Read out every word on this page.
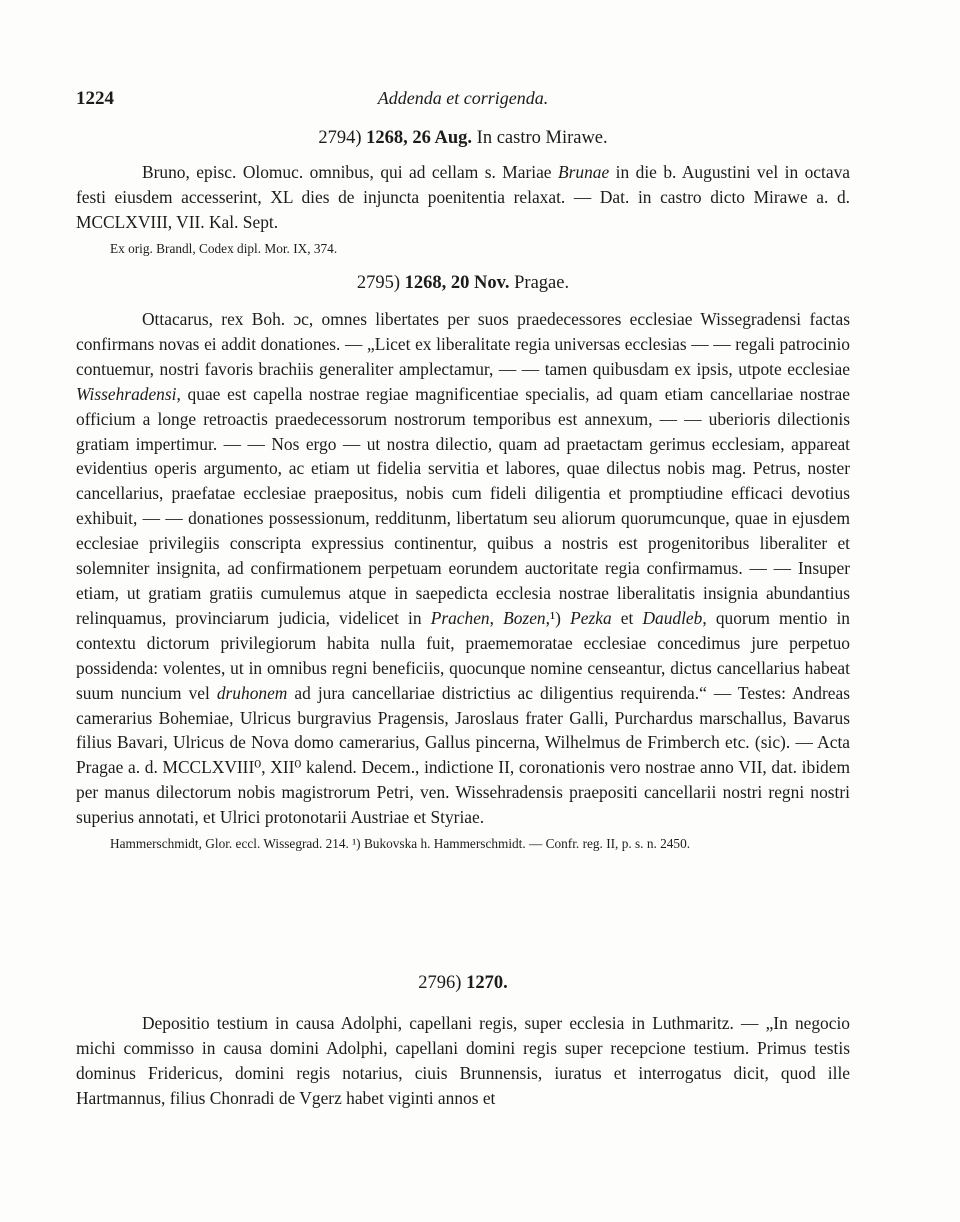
1224	Addenda et corrigenda.

2794) 1268, 26 Aug. In castro Mirawe.

Bruno, episc. Olomuc. omnibus, qui ad cellam s. Mariae Brunae in die b. Augustini vel in octava festi eiusdem accesserint, XL dies de injuncta poenitentia relaxat. — Dat. in castro dicto Mirawe a. d. MCCLXVIII, VII. Kal. Sept.

Ex orig. Brandl, Codex dipl. Mor. IX, 374.

2795) 1268, 20 Nov. Pragae.

Ottacarus, rex Boh. ɔc, omnes libertates per suos praedecessores ecclesiae Wissegradensi factas confirmans novas ei addit donationes. — „Licet ex liberalitate regia universas ecclesias — — regali patrocinio contuemur, nostri favoris brachiis generaliter amplectamur, — — tamen quibusdam ex ipsis, utpote ecclesiae Wissehradensi, quae est capella nostrae regiae magnificentiae specialis, ad quam etiam cancellariae nostrae officium a longe retroactis praedecessorum nostrorum temporibus est annexum, — — uberioris dilectionis gratiam impertimur. — — Nos ergo — ut nostra dilectio, quam ad praetactam gerimus ecclesiam, appareat evidentius operis argumento, ac etiam ut fidelia servitia et labores, quae dilectus nobis mag. Petrus, noster cancellarius, praefatae ecclesiae praepositus, nobis cum fideli diligentia et promptiudine efficaci devotius exhibuit, — — donationes possessionum, redditunm, libertatum seu aliorum quorumcunque, quae in ejusdem ecclesiae privilegiis conscripta expressius continentur, quibus a nostris est progenitoribus liberaliter et solemniter insignita, ad confirmationem perpetuam eorundem auctoritate regia confirmamus. — — Insuper etiam, ut gratiam gratiis cumulemus atque in saepedicta ecclesia nostrae liberalitatis insignia abundantius relinquamus, provinciarum judicia, videlicet in Prachen, Bozen,¹) Pezka et Daudleb, quorum mentio in contextu dictorum privilegiorum habita nulla fuit, praememoratae ecclesiae concedimus jure perpetuo possidenda: volentes, ut in omnibus regni beneficiis, quocunque nomine censeantur, dictus cancellarius habeat suum nuncium vel druhonem ad jura cancellariae districtius ac diligentius requirenda.“ — Testes: Andreas camerarius Bohemiae, Ulricus burgravius Pragensis, Jaroslaus frater Galli, Purchardus marschallus, Bavarus filius Bavari, Ulricus de Nova domo camerarius, Gallus pincerna, Wilhelmus de Frimberch etc. (sic). — Acta Pragae a. d. MCCLXVIII⁰, XII⁰ kalend. Decem., indictione II, coronationis vero nostrae anno VII, dat. ibidem per manus dilectorum nobis magistrorum Petri, ven. Wissehradensis praepositi cancellarii nostri regni nostri superius annotati, et Ulrici protonotarii Austriae et Styriae.

Hammerschmidt, Glor. eccl. Wissegrad. 214. ¹) Bukovska h. Hammerschmidt. — Confr. reg. II, p. s. n. 2450.

2796) 1270.

Depositio testium in causa Adolphi, capellani regis, super ecclesia in Luthmaritz. — „In negocio michi commisso in causa domini Adolphi, capellani domini regis super recepcione testium. Primus testis dominus Fridericus, domini regis notarius, ciuis Brunnensis, iuratus et interrogatus dicit, quod ille Hartmannus, filius Chonradi de Vgerz habet viginti annos et
